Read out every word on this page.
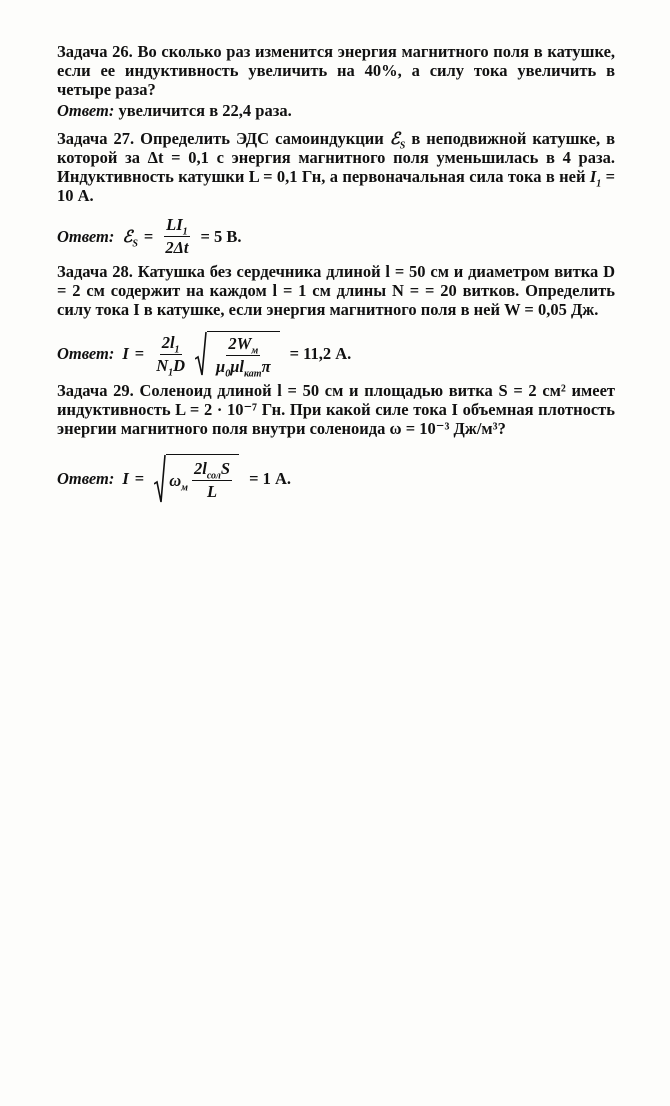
Задача 26. Во сколько раз изменится энергия магнитного поля в катушке, если ее индуктивность увеличить на 40%, а силу тока увеличить в четыре раза?

Ответ: увеличится в 22,4 раза.

Задача 27. Определить ЭДС самоиндукции ℰ$_S$ в неподвижной катушке, в которой за Δt = 0,1 с энергия магнитного поля уменьшилась в 4 раза. Индуктивность катушки L = 0,1 Гн, а первоначальная сила тока в ней $I_1 = 10$ А.

Ответ: ℰ$_S$ = $\frac{LI_1}{2\Delta t} = 5$ В.

Задача 28. Катушка без сердечника длиной l = 50 см и диаметром витка D = 2 см содержит на каждом l = 1 см длины N = = 20 витков. Определить силу тока I в катушке, если энергия магнитного поля в ней W = 0,05 Дж.

Ответ: $I = \frac{2l_1}{N_1D} \frac{2W_м}{\mu_0\mu l_{кат}\pi} = 11,2$ А.

Задача 29. Соленоид длиной l = 50 см и площадью витка S = 2 см² имеет индуктивность L = 2 · 10⁻⁷ Гн. При какой силе тока I объемная плотность энергии магнитного поля внутри соленоида ω = 10⁻³ Дж/м³?

Ответ: $I = \omega_м \frac{2l_{сол}S}{L} = 1$ А.
